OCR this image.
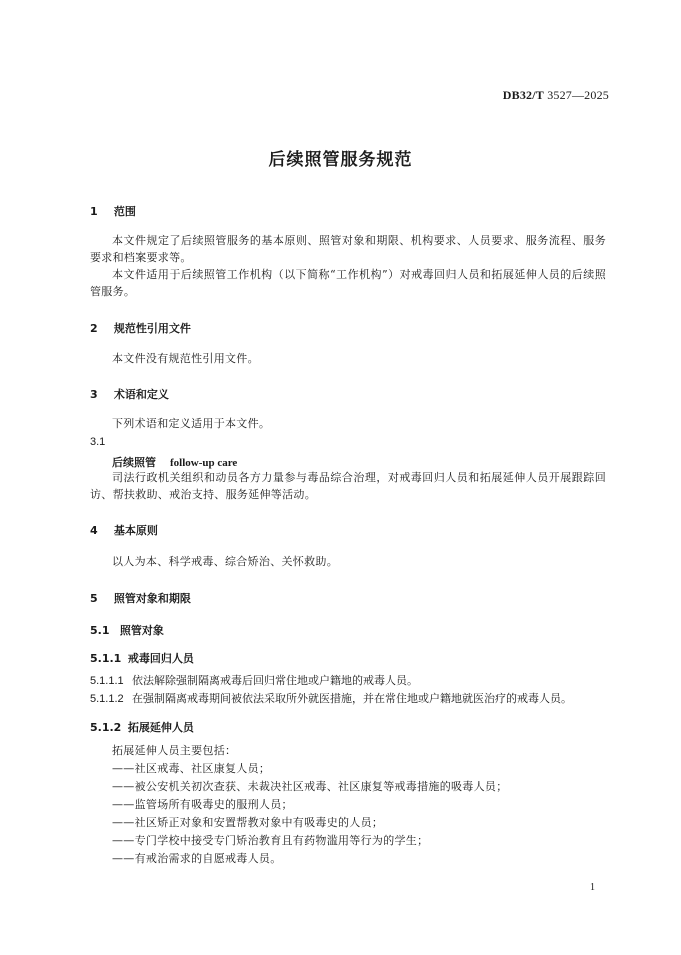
DB32/T 3527—2025
后续照管服务规范
1 范围
本文件规定了后续照管服务的基本原则、照管对象和期限、机构要求、人员要求、服务流程、服务要求和档案要求等。
本文件适用于后续照管工作机构（以下简称“工作机构”）对戒毒回归人员和拓展延伸人员的后续照管服务。
2 规范性引用文件
本文件没有规范性引用文件。
3 术语和定义
下列术语和定义适用于本文件。
3.1
后续照管 follow-up care
司法行政机关组织和动员各方力量参与毒品综合治理，对戒毒回归人员和拓展延伸人员开展跟踪回访、帮扶救助、戒治支持、服务延伸等活动。
4 基本原则
以人为本、科学戒毒、综合矫治、关怀救助。
5 照管对象和期限
5.1 照管对象
5.1.1 戒毒回归人员
5.1.1.1 依法解除强制隔离戒毒后回归常住地或户籍地的戒毒人员。
5.1.1.2 在强制隔离戒毒期间被依法采取所外就医措施，并在常住地或户籍地就医治疗的戒毒人员。
5.1.2 拓展延伸人员
拓展延伸人员主要包括：
——社区戒毒、社区康复人员；
——被公安机关初次查获、未裁决社区戒毒、社区康复等戒毒措施的吸毒人员；
——监管场所有吸毒史的服刑人员；
——社区矫正对象和安置帮教对象中有吸毒史的人员；
——专门学校中接受专门矫治教育且有药物滥用等行为的学生；
——有戒治需求的自愿戒毒人员。
1
